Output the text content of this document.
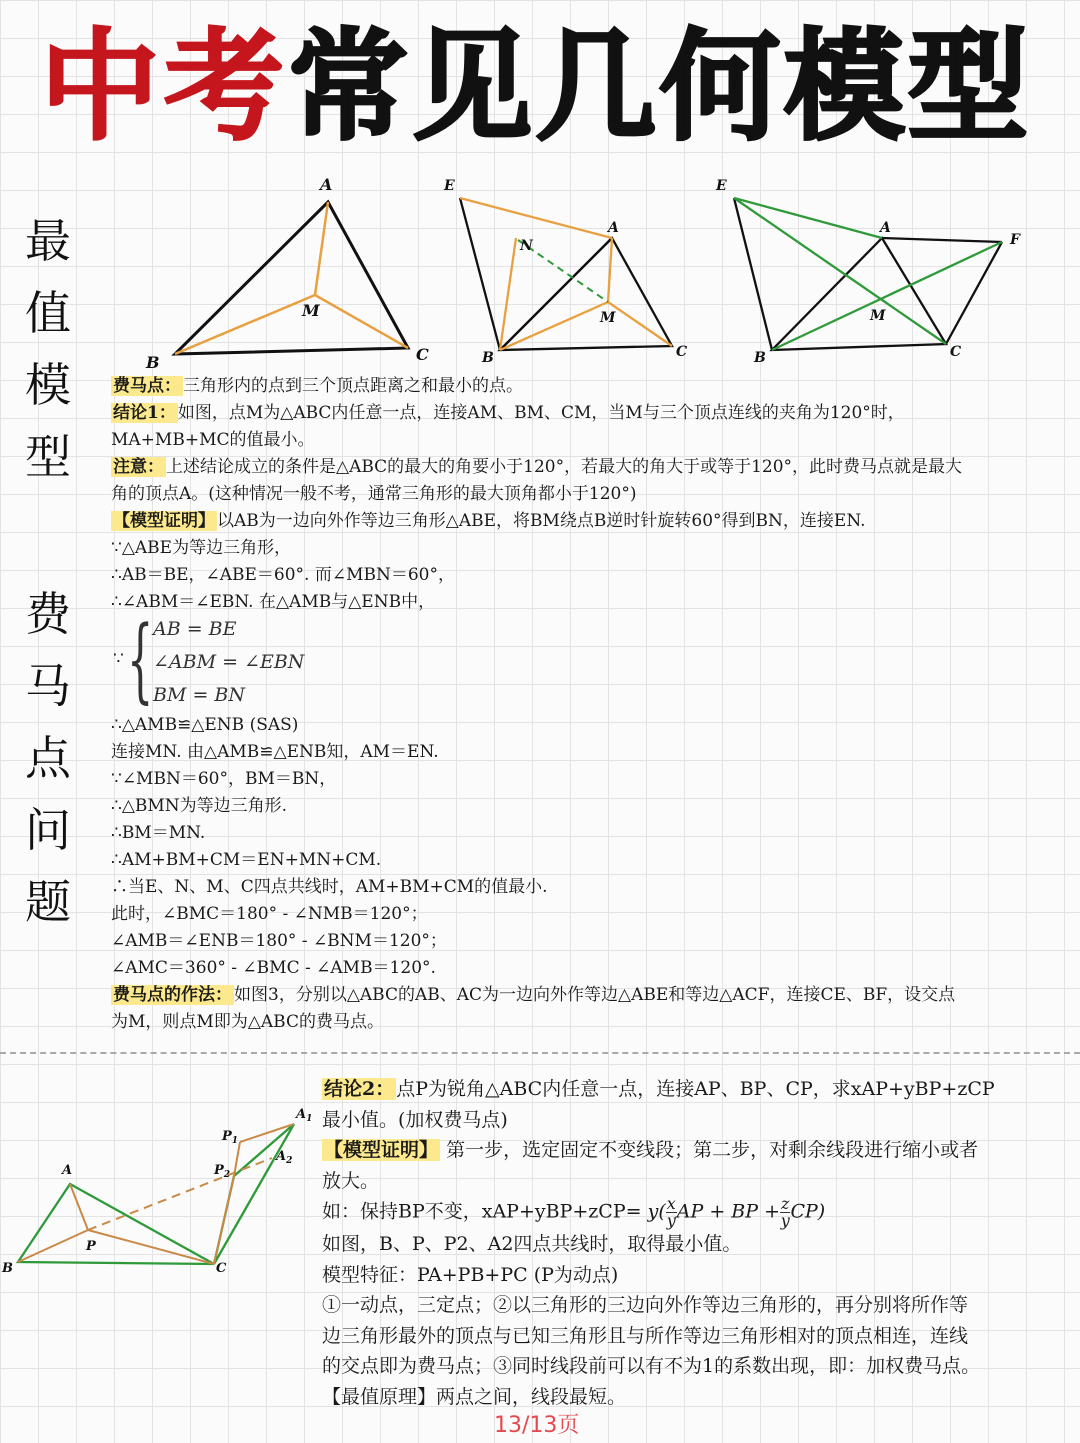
中考常见几何模型
最
值
模
型
费
马
点
问
题
A
B	C
M
E
A
B	C
M
N
E
A
F
B	C
M

费马点： 三角形内的点到三个顶点距离之和最小的点。

结论1： 如图，点M为△ABC内任意一点，连接AM、BM、CM，当M与三个顶点连线的夹角为120°时，

MA+MB+MC的值最小。

注意： 上述结论成立的条件是△ABC的最大的角要小于120°，若最大的角大于或等于120°，此时费马点就是最大

角的顶点A。(这种情况一般不考，通常三角形的最大顶角都小于120°)

【模型证明】 以AB为一边向外作等边三角形△ABE，将BM绕点B逆时针旋转60°得到BN，连接EN.

∵△ABE为等边三角形，

∴AB＝BE，∠ABE＝60°. 而∠MBN＝60°，

∴∠ABM＝∠EBN. 在△AMB与△ENB中，

∵ { AB = BE
∠ABM = ∠EBN
BM = BN

∴△AMB≌△ENB (SAS)

连接MN. 由△AMB≌△ENB知，AM＝EN.

∵∠MBN＝60°，BM＝BN，

∴△BMN为等边三角形.

∴BM＝MN.

∴AM+BM+CM＝EN+MN+CM.

∴当E、N、M、C四点共线时，AM+BM+CM的值最小.

此时，∠BMC＝180° - ∠NMB＝120°；

∠AMB＝∠ENB＝180° - ∠BNM＝120°；

∠AMC＝360° - ∠BMC - ∠AMB＝120°.

费马点的作法： 如图3，分别以△ABC的AB、AC为一边向外作等边△ABE和等边△ACF，连接CE、BF，设交点

为M，则点M即为△ABC的费马点。

A
B	C
P
$P_1$
$P_2$
$A_1$
$A_2$

结论2： 点P为锐角△ABC内任意一点，连接AP、BP、CP，求xAP+yBP+zCP

最小值。(加权费马点)

【模型证明】 第一步，选定固定不变线段；第二步，对剩余线段进行缩小或者

放大。

如：保持BP不变，$xAP+yBP+zCP= y( \frac{x}{y}$ AP + BP + $\frac{z}{y} CP$)

如图，B、P、P2、A2四点共线时，取得最小值。

模型特征：PA+PB+PC (P为动点)

①一动点，三定点；②以三角形的三边向外作等边三角形的，再分别将所作等

边三角形最外的顶点与已知三角形且与所作等边三角形相对的顶点相连，连线

的交点即为费马点；③同时线段前可以有不为1的系数出现，即：加权费马点。

【最值原理】两点之间，线段最短。

13/13页
